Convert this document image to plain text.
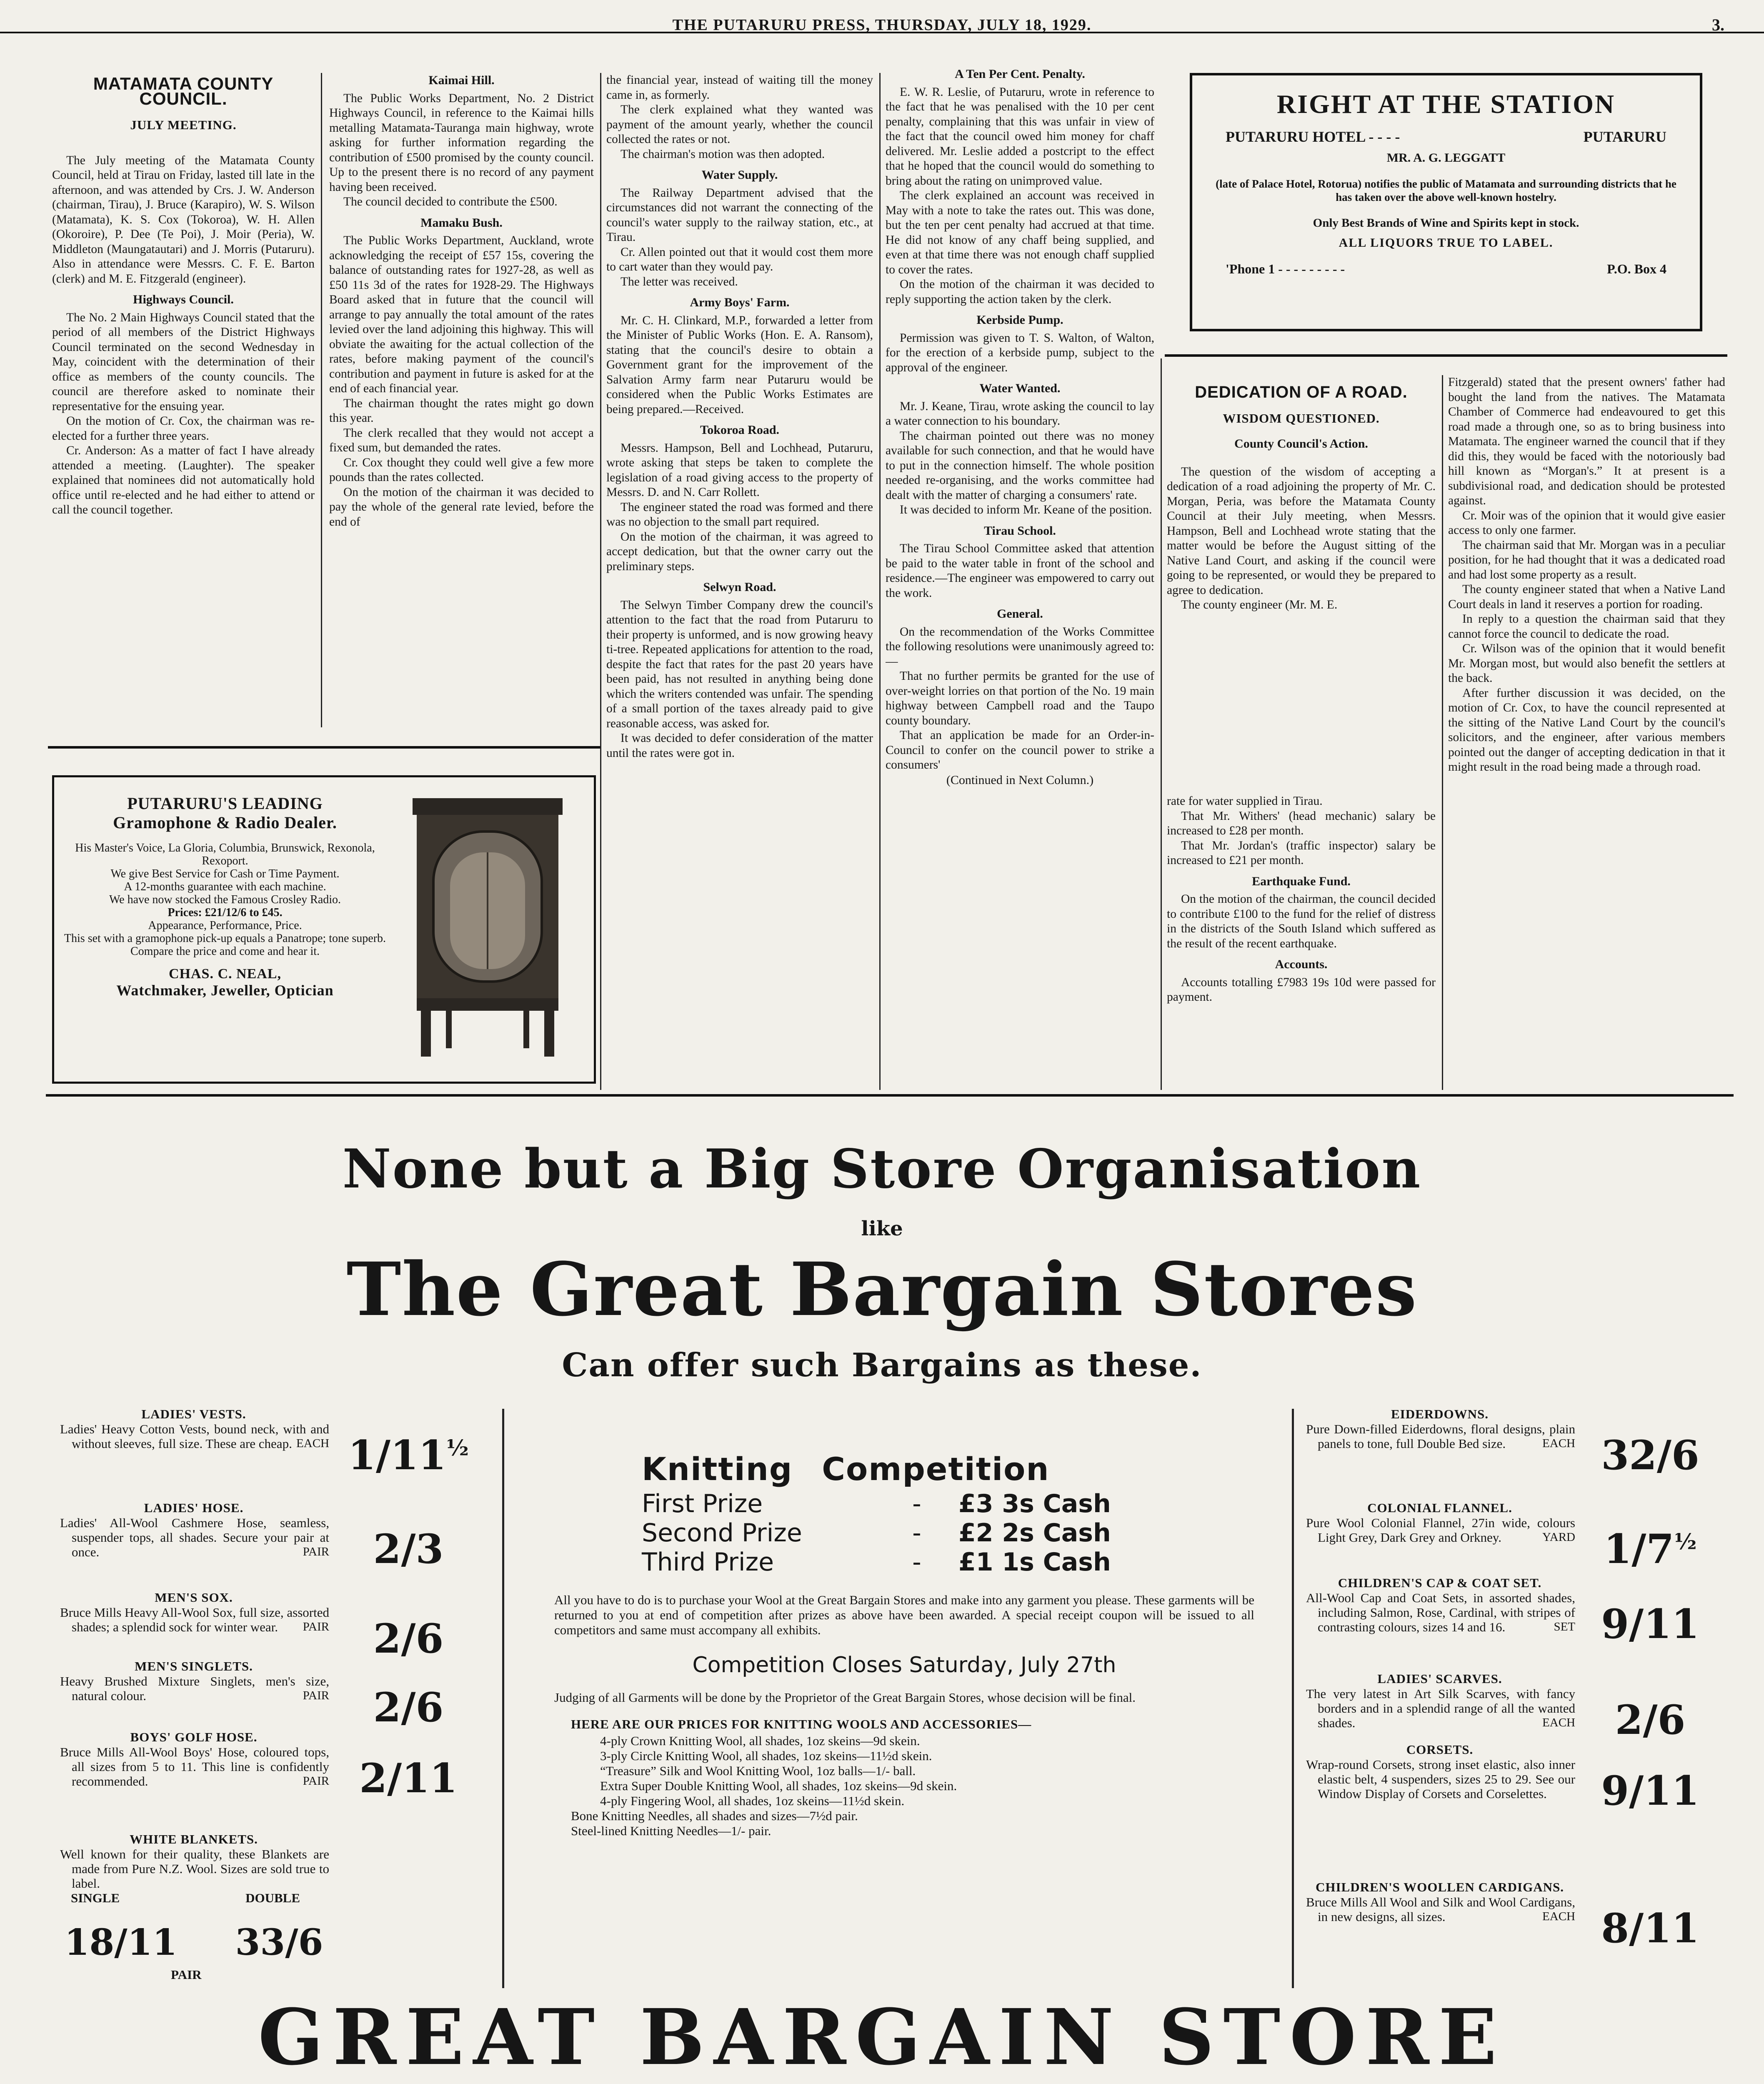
THE PUTARURU PRESS, THURSDAY, JULY 18, 1929.	3.
MATAMATA COUNTY COUNCIL.
JULY MEETING.

The July meeting of the Matamata County Council, held at Tirau on Friday, lasted till late in the afternoon, and was attended by Crs. J. W. Anderson (chairman, Tirau), J. Bruce (Karapiro), W. S. Wilson (Matamata), K. S. Cox (Tokoroa), W. H. Allen (Okoroire), P. Dee (Te Poi), J. Moir (Peria), W. Middleton (Maungatautari) and J. Morris (Putaruru). Also in attendance were Messrs. C. F. E. Barton (clerk) and M. E. Fitzgerald (engineer).

Highways Council.

The No. 2 Main Highways Council stated that the period of all members of the District Highways Council terminated on the second Wednesday in May, coincident with the determination of their office as members of the county councils. The council are therefore asked to nominate their representative for the ensuing year.

On the motion of Cr. Cox, the chairman was re-elected for a further three years.

Cr. Anderson: As a matter of fact I have already attended a meeting. (Laughter). The speaker explained that nominees did not automatically hold office until re-elected and he had either to attend or call the council together.

Kaimai Hill.

The Public Works Department, No. 2 District Highways Council, in reference to the Kaimai hills metalling Matamata-Tauranga main highway, wrote asking for further information regarding the contribution of £500 promised by the county council. Up to the present there is no record of any payment having been received.

The council decided to contribute the £500.

Mamaku Bush.

The Public Works Department, Auckland, wrote acknowledging the receipt of £57 15s, covering the balance of outstanding rates for 1927-28, as well as £50 11s 3d of the rates for 1928-29. The Highways Board asked that in future that the council will arrange to pay annually the total amount of the rates levied over the land adjoining this highway. This will obviate the awaiting for the actual collection of the rates, before making payment of the council's contribution and payment in future is asked for at the end of each financial year.

The chairman thought the rates might go down this year.

The clerk recalled that they would not accept a fixed sum, but demanded the rates.

Cr. Cox thought they could well give a few more pounds than the rates collected.

On the motion of the chairman it was decided to pay the whole of the general rate levied, before the end of

PUTARURU'S LEADING
Gramophone & Radio Dealer.
His Master's Voice, La Gloria, Columbia, Brunswick, Rexonola, Rexoport.
We give Best Service for Cash or Time Payment.
A 12-months guarantee with each machine.
We have now stocked the Famous Crosley Radio.
Prices: £21/12/6 to £45.
Appearance, Performance, Price.
This set with a gramophone pick-up equals a Panatrope; tone superb. Compare the price and come and hear it.
CHAS. C. NEAL,
Watchmaker, Jeweller, Optician

the financial year, instead of waiting till the money came in, as formerly.

The clerk explained what they wanted was payment of the amount yearly, whether the council collected the rates or not.

The chairman's motion was then adopted.

Water Supply.

The Railway Department advised that the circumstances did not warrant the connecting of the council's water supply to the railway station, etc., at Tirau.

Cr. Allen pointed out that it would cost them more to cart water than they would pay.

The letter was received.

Army Boys' Farm.

Mr. C. H. Clinkard, M.P., forwarded a letter from the Minister of Public Works (Hon. E. A. Ransom), stating that the council's desire to obtain a Government grant for the improvement of the Salvation Army farm near Putaruru would be considered when the Public Works Estimates are being prepared.—Received.

Tokoroa Road.

Messrs. Hampson, Bell and Lochhead, Putaruru, wrote asking that steps be taken to complete the legislation of a road giving access to the property of Messrs. D. and N. Carr Rollett.

The engineer stated the road was formed and there was no objection to the small part required.

On the motion of the chairman, it was agreed to accept dedication, but that the owner carry out the preliminary steps.

Selwyn Road.

The Selwyn Timber Company drew the council's attention to the fact that the road from Putaruru to their property is unformed, and is now growing heavy ti-tree. Repeated applications for attention to the road, despite the fact that rates for the past 20 years have been paid, has not resulted in anything being done which the writers contended was unfair. The spending of a small portion of the taxes already paid to give reasonable access, was asked for.

It was decided to defer consideration of the matter until the rates were got in.

A Ten Per Cent. Penalty.

E. W. R. Leslie, of Putaruru, wrote in reference to the fact that he was penalised with the 10 per cent penalty, complaining that this was unfair in view of the fact that the council owed him money for chaff delivered. Mr. Leslie added a postcript to the effect that he hoped that the council would do something to bring about the rating on unimproved value.

The clerk explained an account was received in May with a note to take the rates out. This was done, but the ten per cent penalty had accrued at that time. He did not know of any chaff being supplied, and even at that time there was not enough chaff supplied to cover the rates.

On the motion of the chairman it was decided to reply supporting the action taken by the clerk.

Kerbside Pump.

Permission was given to T. S. Walton, of Walton, for the erection of a kerbside pump, subject to the approval of the engineer.

Water Wanted.

Mr. J. Keane, Tirau, wrote asking the council to lay a water connection to his boundary.

The chairman pointed out there was no money available for such connection, and that he would have to put in the connection himself. The whole position needed re-organising, and the works committee had dealt with the matter of charging a consumers' rate.

It was decided to inform Mr. Keane of the position.

Tirau School.

The Tirau School Committee asked that attention be paid to the water table in front of the school and residence.—The engineer was empowered to carry out the work.

General.

On the recommendation of the Works Committee the following resolutions were unanimously agreed to:—

That no further permits be granted for the use of over-weight lorries on that portion of the No. 19 main highway between Campbell road and the Taupo county boundary.

That an application be made for an Order-in-Council to confer on the council power to strike a consumers'

(Continued in Next Column.)
RIGHT AT THE STATION
PUTARURU HOTEL - - - -	PUTARURU
MR. A. G. LEGGATT
(late of Palace Hotel, Rotorua) notifies the public of Matamata and surrounding districts that he has taken over the above well-known hostelry.
Only Best Brands of Wine and Spirits kept in stock.
ALL LIQUORS TRUE TO LABEL.
'Phone 1 - - - - - - - - -	P.O. Box 4
DEDICATION OF A ROAD.
WISDOM QUESTIONED.
County Council's Action.

The question of the wisdom of accepting a dedication of a road adjoining the property of Mr. C. Morgan, Peria, was before the Matamata County Council at their July meeting, when Messrs. Hampson, Bell and Lochhead wrote stating that the matter would be before the August sitting of the Native Land Court, and asking if the council were going to be represented, or would they be prepared to agree to dedication.

The county engineer (Mr. M. E.

rate for water supplied in Tirau.

That Mr. Withers' (head mechanic) salary be increased to £28 per month.

That Mr. Jordan's (traffic inspector) salary be increased to £21 per month.

Earthquake Fund.

On the motion of the chairman, the council decided to contribute £100 to the fund for the relief of distress in the districts of the South Island which suffered as the result of the recent earthquake.

Accounts.

Accounts totalling £7983 19s 10d were passed for payment.

Fitzgerald) stated that the present owners' father had bought the land from the natives. The Matamata Chamber of Commerce had endeavoured to get this road made a through one, so as to bring business into Matamata. The engineer warned the council that if they did this, they would be faced with the notoriously bad hill known as “Morgan's.” It at present is a subdivisional road, and dedication should be protested against.

Cr. Moir was of the opinion that it would give easier access to only one farmer.

The chairman said that Mr. Morgan was in a peculiar position, for he had thought that it was a dedicated road and had lost some property as a result.

The county engineer stated that when a Native Land Court deals in land it reserves a portion for roading.

In reply to a question the chairman said that they cannot force the council to dedicate the road.

Cr. Wilson was of the opinion that it would benefit Mr. Morgan most, but would also benefit the settlers at the back.

After further discussion it was decided, on the motion of Cr. Cox, to have the council represented at the sitting of the Native Land Court by the council's solicitors, and the engineer, after various members pointed out the danger of accepting dedication in that it might result in the road being made a through road.

None but a Big Store Organisation
like
The Great Bargain Stores
Can offer such Bargains as these.
LADIES' VESTS.
Ladies' Heavy Cotton Vests, bound neck, with and without sleeves, full size. These are cheap. EACH $1/11^{\frac{1}{2}}$
LADIES' HOSE.
Ladies' All-Wool Cashmere Hose, seamless, suspender tops, all shades. Secure your pair at once.	PAIR	2/3
MEN'S SOX.
Bruce Mills Heavy All-Wool Sox, full size, assorted shades; a splendid sock for winter wear. PAIR	2/6
MEN'S SINGLETS.
Heavy Brushed Mixture Singlets, men's size, natural colour.	PAIR	2/6
BOYS' GOLF HOSE.
Bruce Mills All-Wool Boys' Hose, coloured tops, all sizes from 5 to 11. This line is confidently recommended.	PAIR 2/11
WHITE BLANKETS.
Well known for their quality, these Blankets are made from Pure N.Z. Wool. Sizes are sold true to label.
SINGLE	DOUBLE
18/11	33/6
PAIR
EIDERDOWNS.
Pure Down-filled Eiderdowns, floral designs, plain panels to tone, full Double Bed size.	EACH 32/6
COLONIAL FLANNEL.
Pure Wool Colonial Flannel, 27in wide, colours Light Grey, Dark Grey and Orkney.	YARD $1/7^{\frac{1}{2}}$
CHILDREN'S CAP & COAT SET.
All-Wool Cap and Coat Sets, in assorted shades, including Salmon, Rose, Cardinal, with stripes of contrasting colours, sizes 14 and 16.	SET 9/11
LADIES' SCARVES.
The very latest in Art Silk Scarves, with fancy borders and in a splendid range of all the wanted shades.	EACH 2/6
CORSETS.
Wrap-round Corsets, strong inset elastic, also inner elastic belt, 4 suspenders, sizes 25 to 29. See our Window Display of Corsets and Corselettes.	9/11
CHILDREN'S WOOLLEN CARDIGANS.
Bruce Mills All Wool and Silk and Wool Cardigans, in new designs, all sizes.	EACH 8/11
Knitting Competition
First Prize	-	£3 3s Cash
Second Prize	-	£2 2s Cash
Third Prize	-	£1 1s Cash
All you have to do is to purchase your Wool at the Great Bargain Stores and make into any garment you please. These garments will be returned to you at end of competition after prizes as above have been awarded. A special receipt coupon will be issued to all competitors and same must accompany all exhibits.
Competition Closes Saturday, July 27th
Judging of all Garments will be done by the Proprietor of the Great Bargain Stores, whose decision will be final.
HERE ARE OUR PRICES FOR KNITTING WOOLS AND ACCESSORIES—
4-ply Crown Knitting Wool, all shades, 1oz skeins—9d skein.
3-ply Circle Knitting Wool, all shades, 1oz skeins—11½d skein.
“Treasure” Silk and Wool Knitting Wool, 1oz balls—1/- ball.
Extra Super Double Knitting Wool, all shades, 1oz skeins—9d skein.
4-ply Fingering Wool, all shades, 1oz skeins—11½d skein.
Bone Knitting Needles, all shades and sizes—7½d pair.
Steel-lined Knitting Needles—1/- pair.
GREAT BARGAIN STORE
